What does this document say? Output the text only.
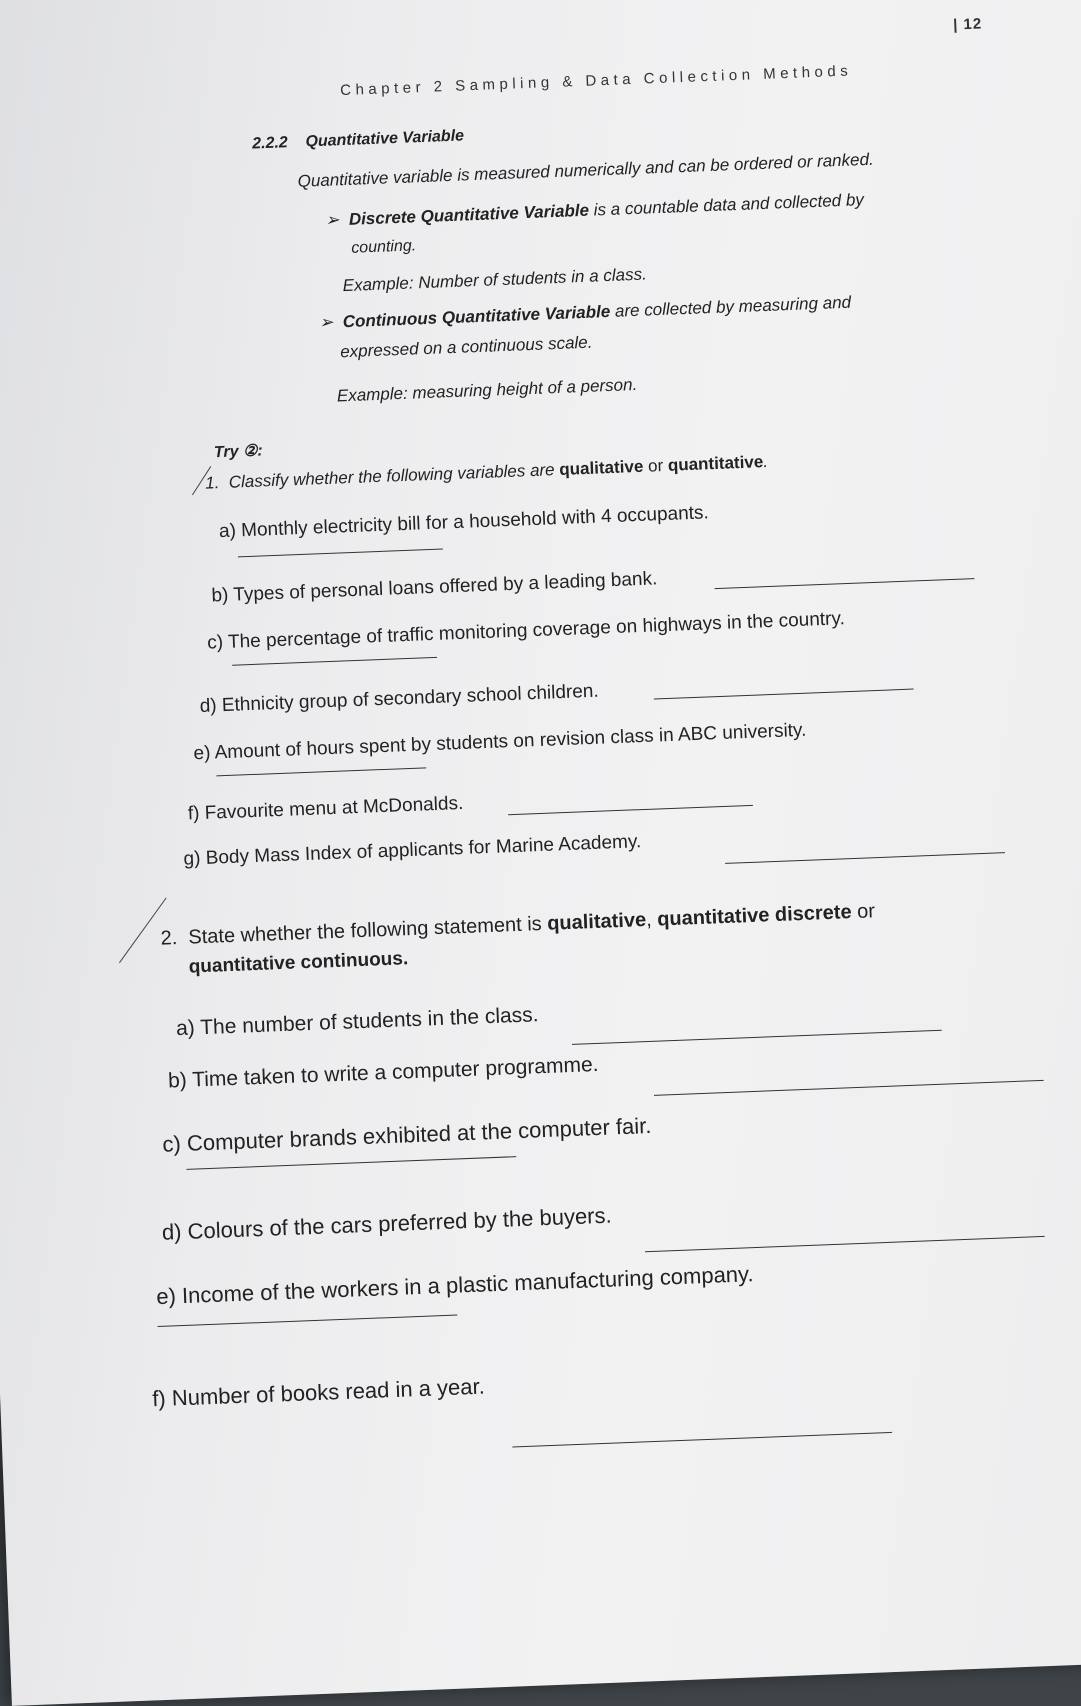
Chapter 2 Sampling & Data Collection Methods
| 12
2.2.2 Quantitative Variable
Quantitative variable is measured numerically and can be ordered or ranked.
➢ Discrete Quantitative Variable is a countable data and collected by
counting.
Example: Number of students in a class.
➢ Continuous Quantitative Variable are collected by measuring and
expressed on a continuous scale.
Example: measuring height of a person.
Try ②:
1. Classify whether the following variables are qualitative or quantitative.
a) Monthly electricity bill for a household with 4 occupants.
b) Types of personal loans offered by a leading bank.
c) The percentage of traffic monitoring coverage on highways in the country.
d) Ethnicity group of secondary school children.
e) Amount of hours spent by students on revision class in ABC university.
f) Favourite menu at McDonalds.
g) Body Mass Index of applicants for Marine Academy.
2. State whether the following statement is qualitative, quantitative discrete or
quantitative continuous.
a) The number of students in the class.
b) Time taken to write a computer programme.
c) Computer brands exhibited at the computer fair.
d) Colours of the cars preferred by the buyers.
e) Income of the workers in a plastic manufacturing company.
f) Number of books read in a year.
